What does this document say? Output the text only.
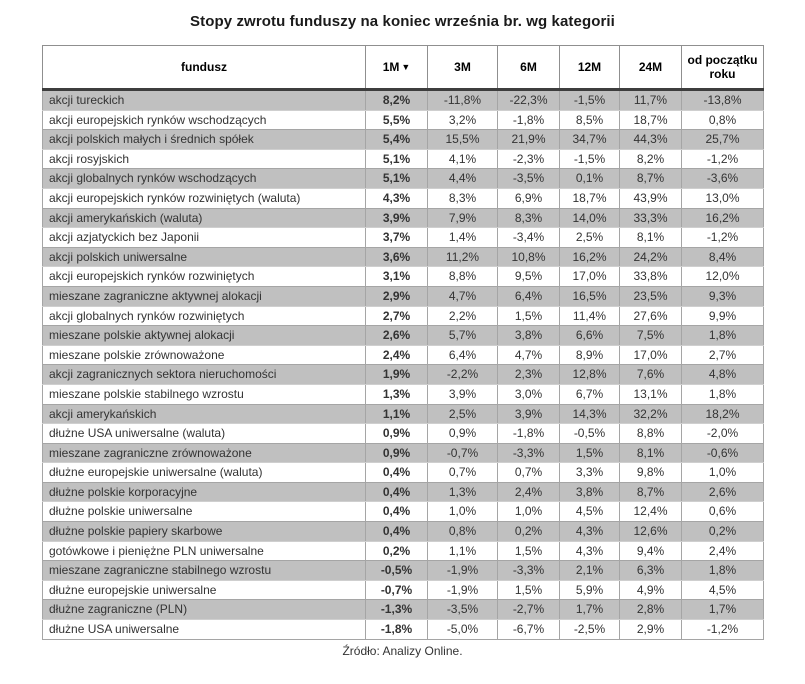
Stopy zwrotu funduszy na koniec września br. wg kategorii
fundusz	1M ▼	3M	6M	12M	24M	od początku roku
akcji tureckich	8,2%	-11,8%	-22,3%	-1,5%	11,7%	-13,8%
akcji europejskich rynków wschodzących	5,5%	3,2%	-1,8%	8,5%	18,7%	0,8%
akcji polskich małych i średnich spółek	5,4%	15,5%	21,9%	34,7%	44,3%	25,7%
akcji rosyjskich	5,1%	4,1%	-2,3%	-1,5%	8,2%	-1,2%
akcji globalnych rynków wschodzących	5,1%	4,4%	-3,5%	0,1%	8,7%	-3,6%
akcji europejskich rynków rozwiniętych (waluta)	4,3%	8,3%	6,9%	18,7%	43,9%	13,0%
akcji amerykańskich (waluta)	3,9%	7,9%	8,3%	14,0%	33,3%	16,2%
akcji azjatyckich bez Japonii	3,7%	1,4%	-3,4%	2,5%	8,1%	-1,2%
akcji polskich uniwersalne	3,6%	11,2%	10,8%	16,2%	24,2%	8,4%
akcji europejskich rynków rozwiniętych	3,1%	8,8%	9,5%	17,0%	33,8%	12,0%
mieszane zagraniczne aktywnej alokacji	2,9%	4,7%	6,4%	16,5%	23,5%	9,3%
akcji globalnych rynków rozwiniętych	2,7%	2,2%	1,5%	11,4%	27,6%	9,9%
mieszane polskie aktywnej alokacji	2,6%	5,7%	3,8%	6,6%	7,5%	1,8%
mieszane polskie zrównoważone	2,4%	6,4%	4,7%	8,9%	17,0%	2,7%
akcji zagranicznych sektora nieruchomości	1,9%	-2,2%	2,3%	12,8%	7,6%	4,8%
mieszane polskie stabilnego wzrostu	1,3%	3,9%	3,0%	6,7%	13,1%	1,8%
akcji amerykańskich	1,1%	2,5%	3,9%	14,3%	32,2%	18,2%
dłużne USA uniwersalne (waluta)	0,9%	0,9%	-1,8%	-0,5%	8,8%	-2,0%
mieszane zagraniczne zrównoważone	0,9%	-0,7%	-3,3%	1,5%	8,1%	-0,6%
dłużne europejskie uniwersalne (waluta)	0,4%	0,7%	0,7%	3,3%	9,8%	1,0%
dłużne polskie korporacyjne	0,4%	1,3%	2,4%	3,8%	8,7%	2,6%
dłużne polskie uniwersalne	0,4%	1,0%	1,0%	4,5%	12,4%	0,6%
dłużne polskie papiery skarbowe	0,4%	0,8%	0,2%	4,3%	12,6%	0,2%
gotówkowe i pieniężne PLN uniwersalne	0,2%	1,1%	1,5%	4,3%	9,4%	2,4%
mieszane zagraniczne stabilnego wzrostu	-0,5%	-1,9%	-3,3%	2,1%	6,3%	1,8%
dłużne europejskie uniwersalne	-0,7%	-1,9%	1,5%	5,9%	4,9%	4,5%
dłużne zagraniczne (PLN)	-1,3%	-3,5%	-2,7%	1,7%	2,8%	1,7%
dłużne USA uniwersalne	-1,8%	-5,0%	-6,7%	-2,5%	2,9%	-1,2%
Źródło: Analizy Online.
